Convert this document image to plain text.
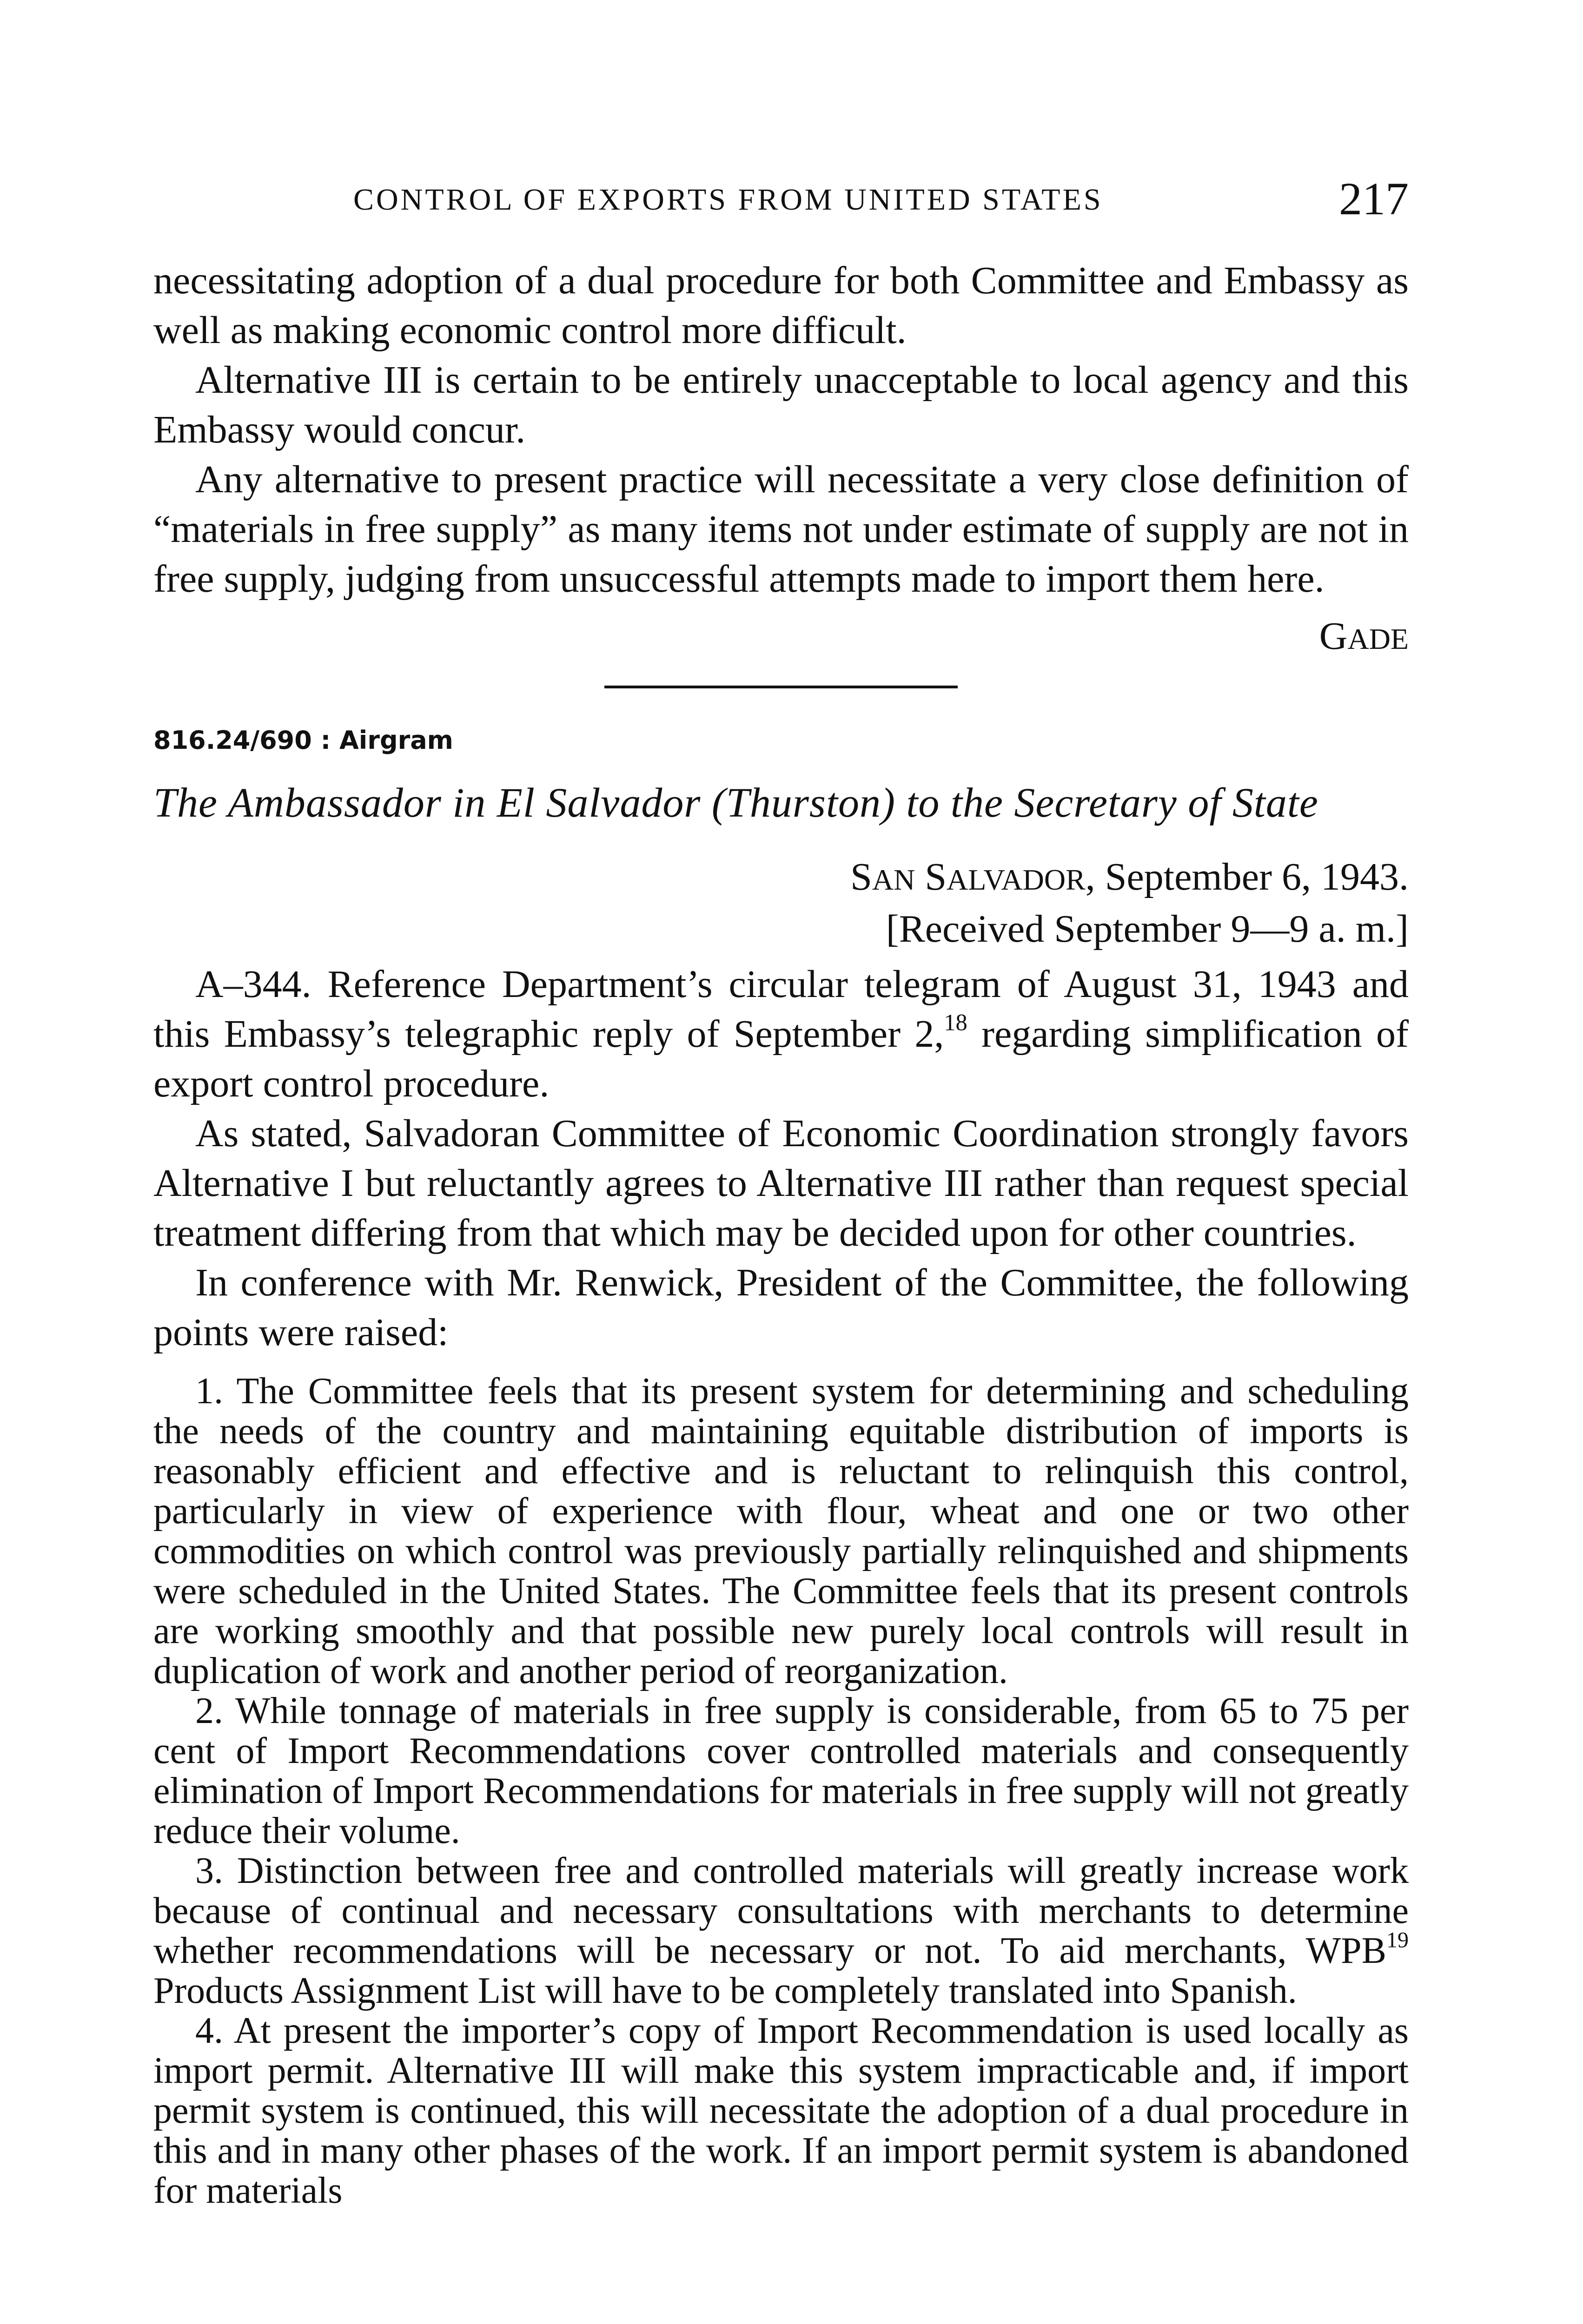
CONTROL OF EXPORTS FROM UNITED STATES	217

necessitating adoption of a dual procedure for both Committee and Embassy as well as making economic control more difficult.

Alternative III is certain to be entirely unacceptable to local agency and this Embassy would concur.

Any alternative to present practice will necessitate a very close definition of “materials in free supply” as many items not under estimate of supply are not in free supply, judging from unsuccessful attempts made to import them here.

GADE
816.24/690 : Airgram
The Ambassador in El Salvador (Thurston) to the Secretary of State
SAN SALVADOR, September 6, 1943.
[Received September 9—9 a. m.]

A–344. Reference Department’s circular telegram of August 31, 1943 and this Embassy’s telegraphic reply of September 2,18 regarding simplification of export control procedure.

As stated, Salvadoran Committee of Economic Coordination strongly favors Alternative I but reluctantly agrees to Alternative III rather than request special treatment differing from that which may be decided upon for other countries.

In conference with Mr. Renwick, President of the Committee, the following points were raised:

1. The Committee feels that its present system for determining and scheduling the needs of the country and maintaining equitable distribution of imports is reasonably efficient and effective and is reluctant to relinquish this control, particularly in view of experience with flour, wheat and one or two other commodities on which control was previously partially relinquished and shipments were scheduled in the United States. The Committee feels that its present controls are working smoothly and that possible new purely local controls will result in duplication of work and another period of reorganization.

2. While tonnage of materials in free supply is considerable, from 65 to 75 per cent of Import Recommendations cover controlled materials and consequently elimination of Import Recommendations for materials in free supply will not greatly reduce their volume.

3. Distinction between free and controlled materials will greatly increase work because of continual and necessary consultations with merchants to determine whether recommendations will be necessary or not. To aid merchants, WPB$^{19}$ Products Assignment List will have to be completely translated into Spanish.

4. At present the importer’s copy of Import Recommendation is used locally as import permit. Alternative III will make this system impracticable and, if import permit system is continued, this will necessitate the adoption of a dual procedure in this and in many other phases of the work. If an import permit system is abandoned for materials
